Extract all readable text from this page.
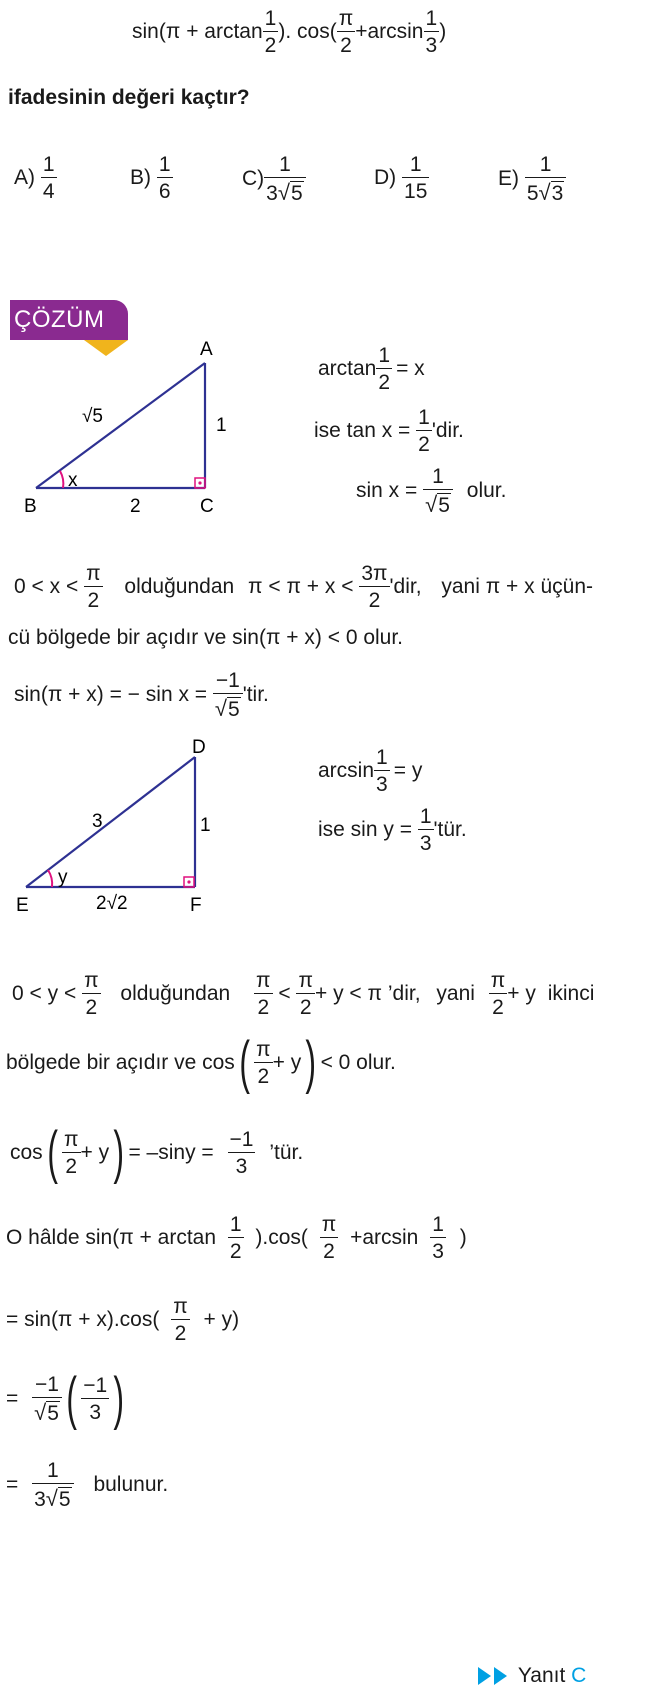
$\sin(\pi + \arctan \frac{1}{2}$ ). $\cos( \frac{\pi}{2} +\arcsin \frac{1}{3}$ )
ifadesinin değeri kaçtır?
$A) \frac{1}{4}$	$B) \frac{1}{6}$	$C) \frac{1}{3√5}$	$D) \frac{1}{15}$	$E) \frac{1}{5√3}$
ÇÖZÜM
A
B	C
1
2
√5
x
$\arctan \frac{1}{2} = x$
ise $\tan x = \frac{1}{2}$ 'dir.
$\sin x = \frac{1}{√5}$ olur.
$0 < x < \frac{\pi}{2}$ olduğundan $\pi < \pi + x < \frac{3\pi}{2}$ 'dir, yani π + x üçün-
cü bölgede bir açıdır ve sin(π + x) < 0 olur.
sin(π + x) = − $\sin x = \frac{-1}{√5}$ 'tir.
D
E	F
1
2√2
3
y
$\arcsin \frac{1}{3} = y$
ise $\sin y = \frac{1}{3}$ 'tür.
$0 < y < \frac{\pi}{2}$ olduğundan $\frac{\pi}{2} < \frac{\pi}{2} + y < \pi$ ’dir, yani $\frac{\pi}{2} + y$ ikinci
bölgede bir açıdır ve $\cos( \frac{\pi}{2} + y) < 0$ olur.
$\cos( \frac{\pi}{2} + y) = -\sin y = \frac{-1}{3}$ ’tür.
O hâlde $\sin(\pi + \arctan \frac{1}{2} ).\cos( \frac{\pi}{2} +\arcsin \frac{1}{3}$ )
= $\sin(\pi + x).\cos( \frac{\pi}{2} + y)$
= $\frac{-1}{√5}$ ( $\frac{-1}{3}$ )
= $\frac{1}{3√5}$ bulunur.
Yanıt C
